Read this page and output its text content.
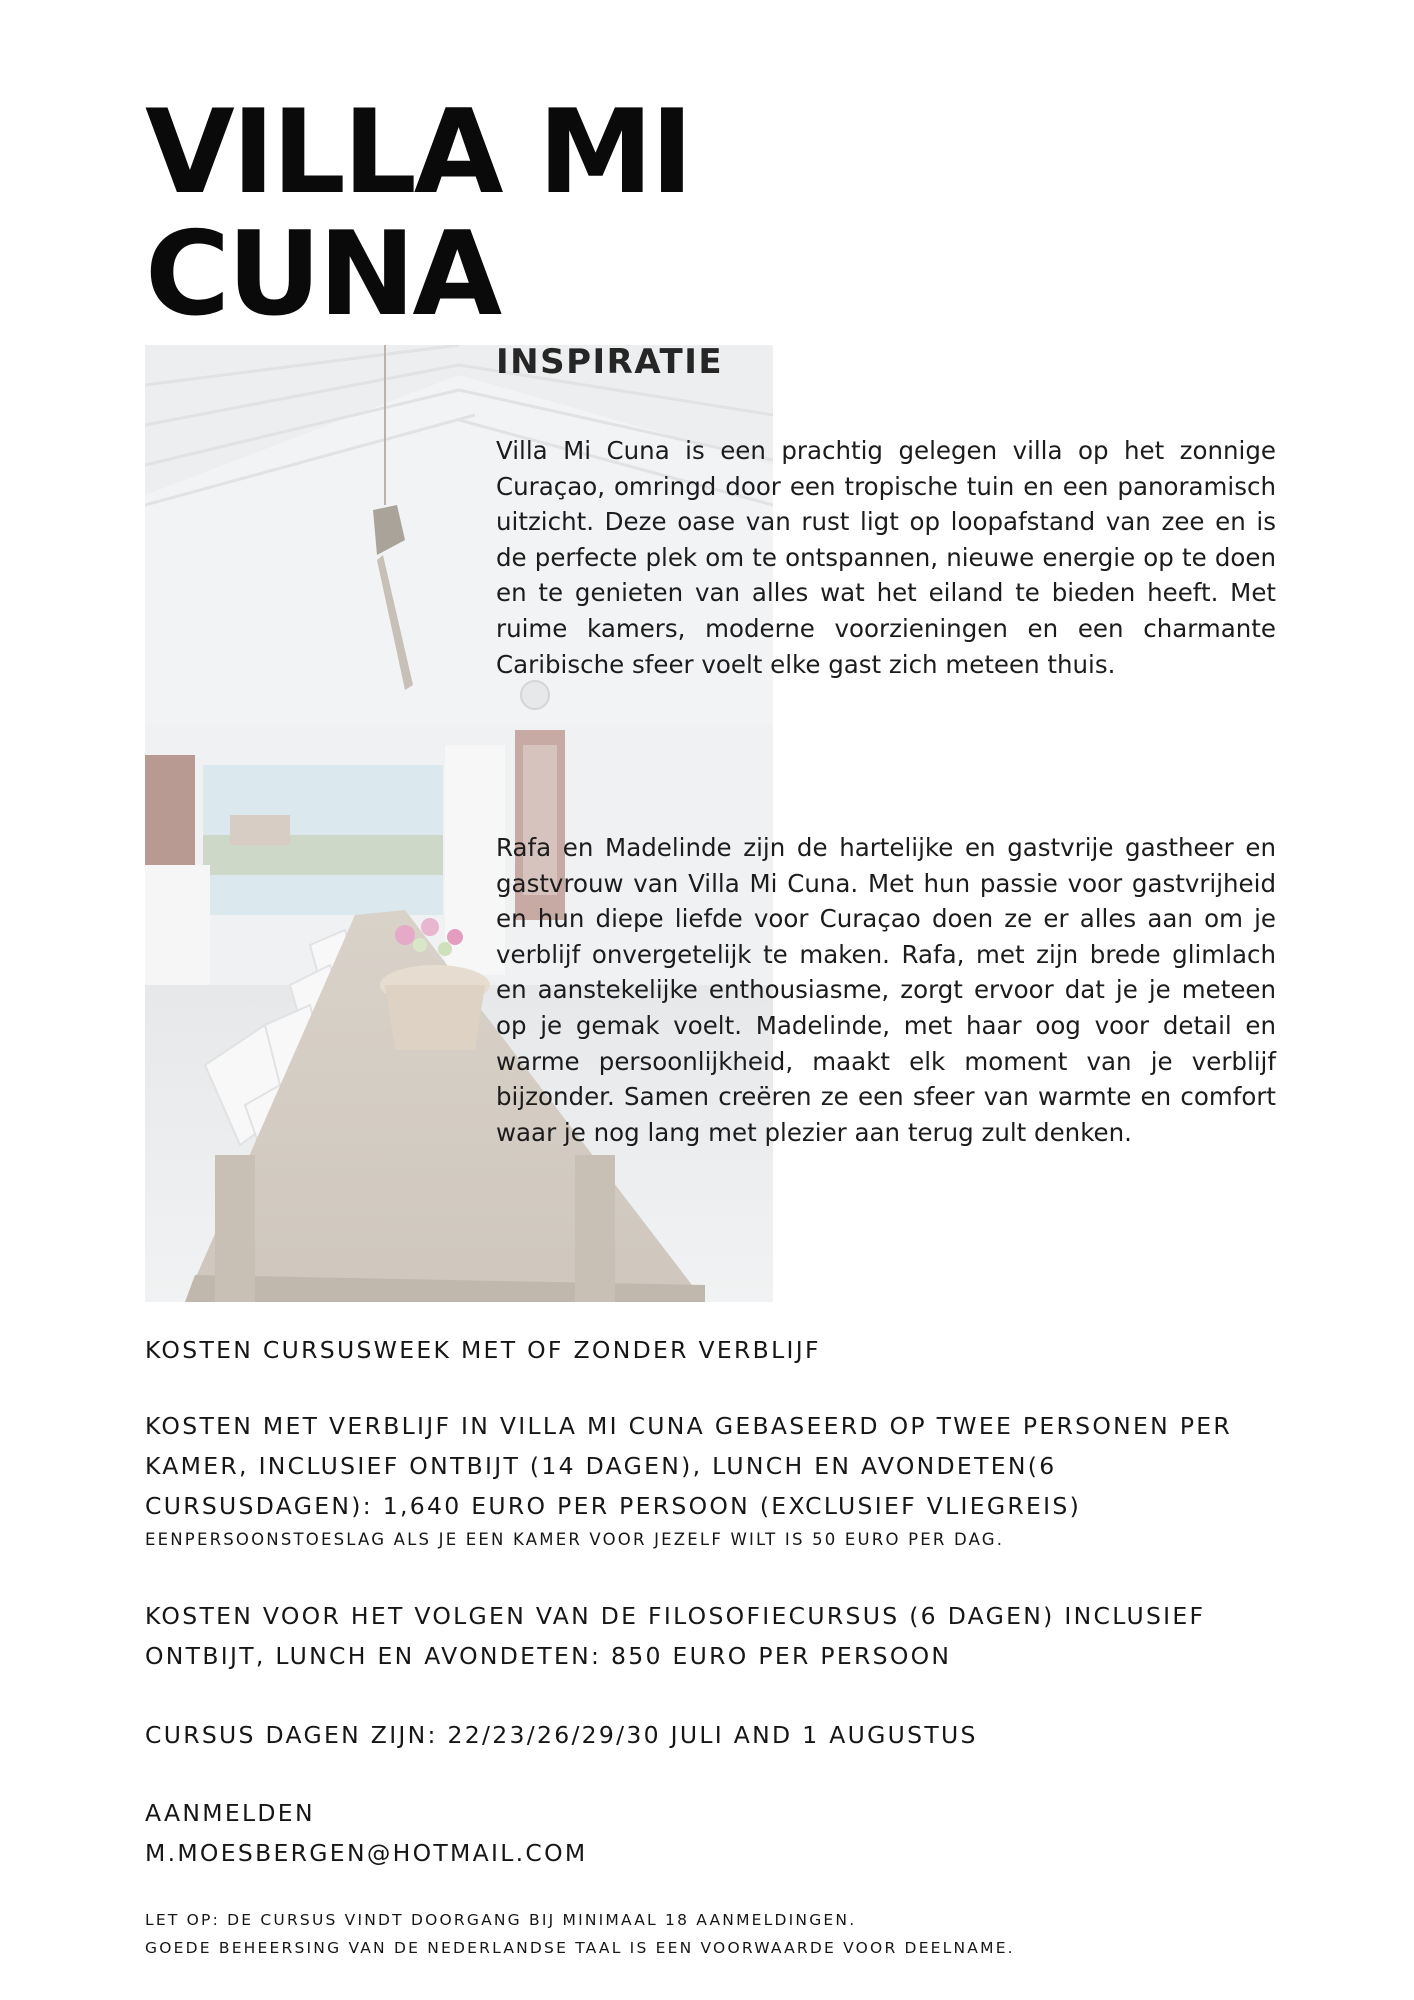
VILLA MI
CUNA
INSPIRATIE

Villa Mi Cuna is een prachtig gelegen villa op het zonnige Curaçao, omringd door een tropische tuin en een panoramisch uitzicht. Deze oase van rust ligt op loopafstand van zee en is de perfecte plek om te ontspannen, nieuwe energie op te doen en te genieten van alles wat het eiland te bieden heeft. Met ruime kamers, moderne voorzieningen en een charmante Caribische sfeer voelt elke gast zich meteen thuis.

Rafa en Madelinde zijn de hartelijke en gastvrije gastheer en gastvrouw van Villa Mi Cuna. Met hun passie voor gastvrijheid en hun diepe liefde voor Curaçao doen ze er alles aan om je verblijf onvergetelijk te maken. Rafa, met zijn brede glimlach en aanstekelijke enthousiasme, zorgt ervoor dat je je meteen op je gemak voelt. Madelinde, met haar oog voor detail en warme persoonlijkheid, maakt elk moment van je verblijf bijzonder. Samen creëren ze een sfeer van warmte en comfort waar je nog lang met plezier aan terug zult denken.

KOSTEN CURSUSWEEK MET OF ZONDER VERBLIJF

KOSTEN MET VERBLIJF IN VILLA MI CUNA GEBASEERD OP TWEE PERSONEN PER KAMER, INCLUSIEF ONTBIJT (14 DAGEN), LUNCH EN AVONDETEN(6 CURSUSDAGEN): 1,640 EURO PER PERSOON (EXCLUSIEF VLIEGREIS)

EENPERSOONSTOESLAG ALS JE EEN KAMER VOOR JEZELF WILT IS 50 EURO PER DAG.

KOSTEN VOOR HET VOLGEN VAN DE FILOSOFIECURSUS (6 DAGEN) INCLUSIEF ONTBIJT, LUNCH EN AVONDETEN: 850 EURO PER PERSOON

CURSUS DAGEN ZIJN: 22/23/26/29/30 JULI AND 1 AUGUSTUS

AANMELDEN

M.MOESBERGEN@HOTMAIL.COM

LET OP: DE CURSUS VINDT DOORGANG BIJ MINIMAAL 18 AANMELDINGEN.

GOEDE BEHEERSING VAN DE NEDERLANDSE TAAL IS EEN VOORWAARDE VOOR DEELNAME.
